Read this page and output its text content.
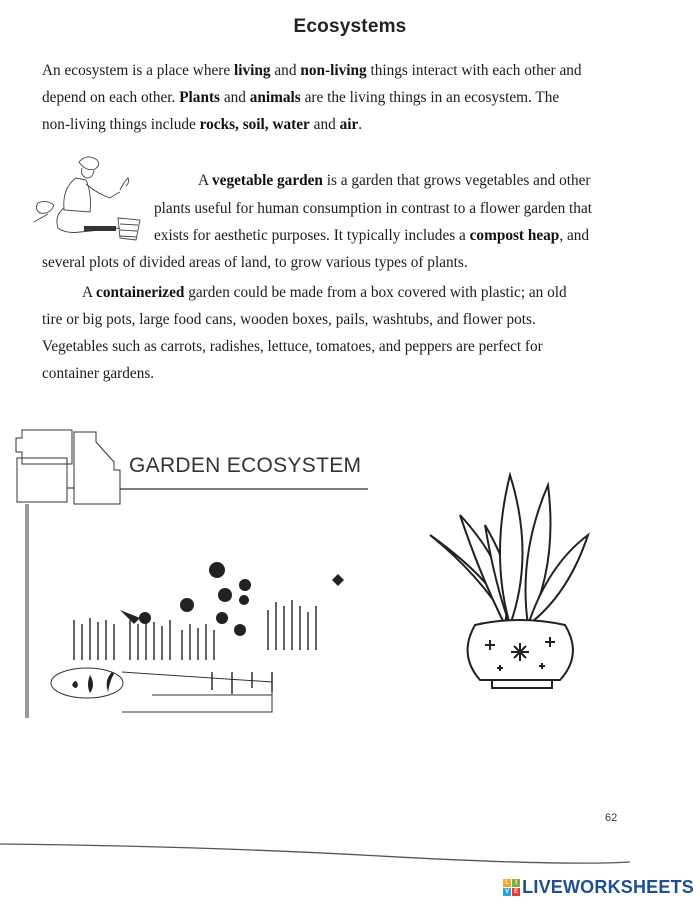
Ecosystems
An ecosystem is a place where living and non-living things interact with each other and
depend on each other. Plants and animals are the living things in an ecosystem. The
non-living things include rocks, soil, water and air.
A vegetable garden is a garden that grows vegetables and other
plants useful for human consumption in contrast to a flower garden that
exists for aesthetic purposes. It typically includes a compost heap, and
several plots of divided areas of land, to grow various types of plants.
A containerized garden could be made from a box covered with plastic; an old
tire or big pots, large food cans, wooden boxes, pails, washtubs, and flower pots.
Vegetables such as carrots, radishes, lettuce, tomatoes, and peppers are perfect for
container gardens.
GARDEN ECOSYSTEM
62
L	I
V E LIVEWORKSHEETS
